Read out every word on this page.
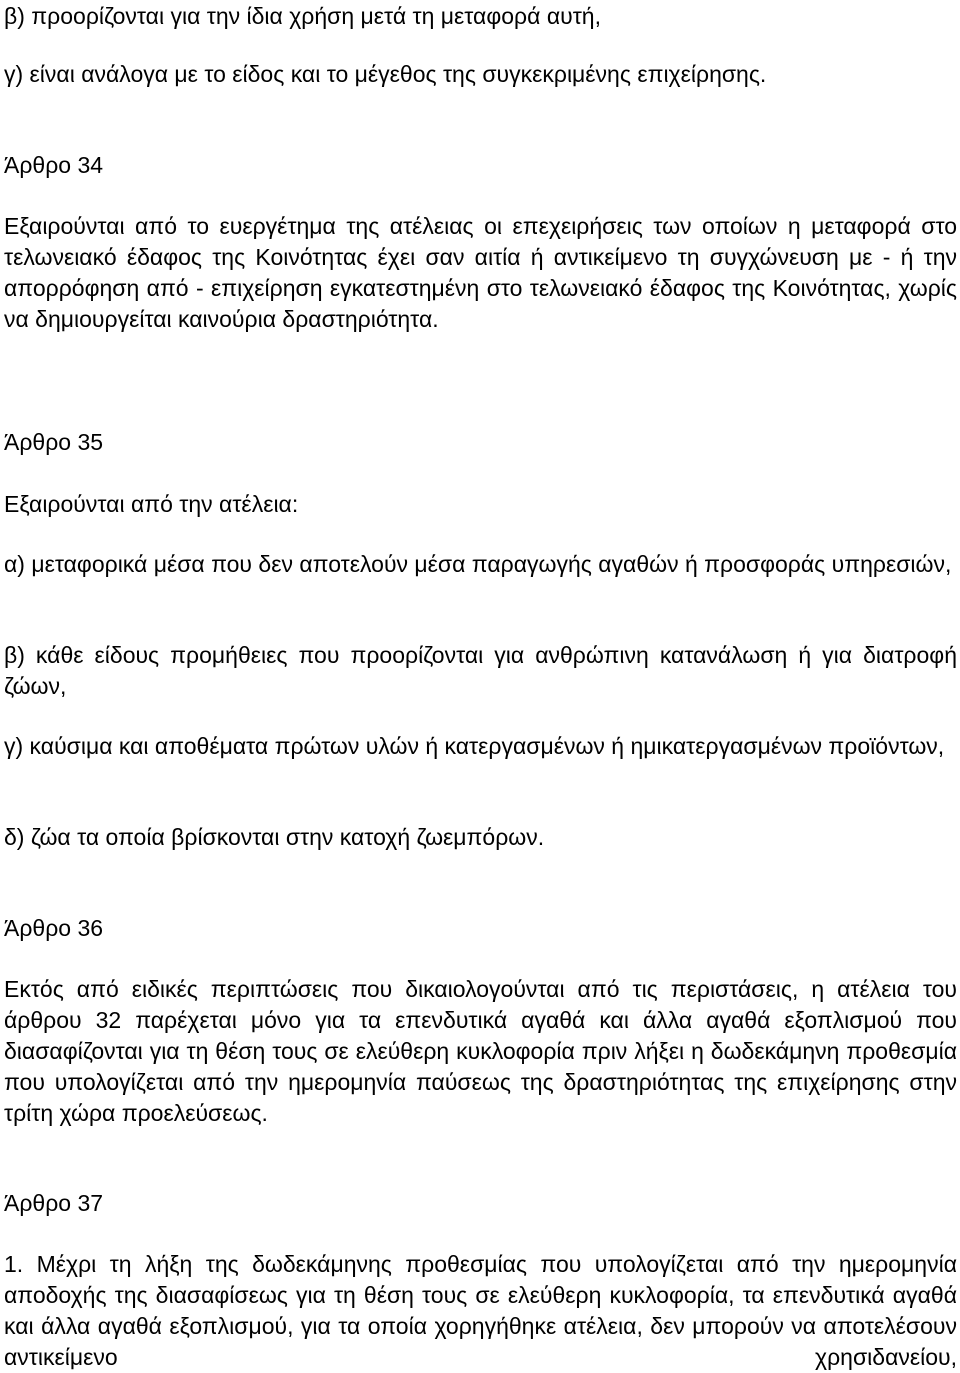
β) προορίζονται για την ίδια χρήση μετά τη μεταφορά αυτή,

γ) είναι ανάλογα με το είδος και το μέγεθος της συγκεκριμένης επιχείρησης.

Άρθρο 34

Εξαιρούνται από το ευεργέτημα της ατέλειας οι επεχειρήσεις των οποίων η μεταφορά στο τελωνειακό έδαφος της Κοινότητας έχει σαν αιτία ή αντικείμενο τη συγχώνευση με - ή την απορρόφηση από - επιχείρηση εγκατεστημένη στο τελωνειακό έδαφος της Κοινότητας, χωρίς να δημιουργείται καινούρια δραστηριότητα.

Άρθρο 35

Εξαιρούνται από την ατέλεια:

α) μεταφορικά μέσα που δεν αποτελούν μέσα παραγωγής αγαθών ή προσφοράς υπηρεσιών,

β) κάθε είδους προμήθειες που προορίζονται για ανθρώπινη κατανάλωση ή για διατροφή ζώων,

γ) καύσιμα και αποθέματα πρώτων υλών ή κατεργασμένων ή ημικατεργασμένων προϊόντων,

δ) ζώα τα οποία βρίσκονται στην κατοχή ζωεμπόρων.

Άρθρο 36

Εκτός από ειδικές περιπτώσεις που δικαιολογούνται από τις περιστάσεις, η ατέλεια του άρθρου 32 παρέχεται μόνο για τα επενδυτικά αγαθά και άλλα αγαθά εξοπλισμού που διασαφίζονται για τη θέση τους σε ελεύθερη κυκλοφορία πριν λήξει η δωδεκάμηνη προθεσμία που υπολογίζεται από την ημερομηνία παύσεως της δραστηριότητας της επιχείρησης στην τρίτη χώρα προελεύσεως.

Άρθρο 37

1. Μέχρι τη λήξη της δωδεκάμηνης προθεσμίας που υπολογίζεται από την ημερομηνία αποδοχής της διασαφίσεως για τη θέση τους σε ελεύθερη κυκλοφορία, τα επενδυτικά αγαθά και άλλα αγαθά εξοπλισμού, για τα οποία χορηγήθηκε ατέλεια, δεν μπορούν να αποτελέσουν αντικείμενο χρησιδανείου,
